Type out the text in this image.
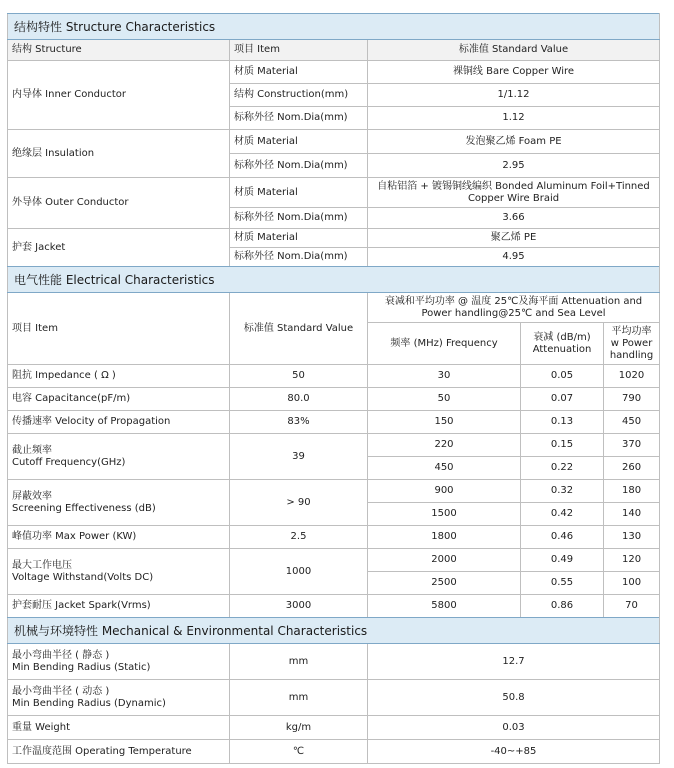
结构特性 Structure Characteristics		
结构 Structure	项目 Item	标准值 Standard Value
内导体 Inner Conductor	材质 Material	裸铜线 Bare Copper Wire
	结构 Construction(mm)	1/1.12
	标称外径 Nom.Dia(mm)	1.12
绝缘层 Insulation	材质 Material	发泡聚乙烯 Foam PE
	标称外径 Nom.Dia(mm)	2.95
外导体 Outer Conductor	材质 Material	自粘铝箔 + 镀锡铜线编织 Bonded Aluminum Foil+Tinned Copper Wire Braid
	标称外径 Nom.Dia(mm)	3.66
护套 Jacket	材质 Material	聚乙烯 PE
	标称外径 Nom.Dia(mm)	4.95
电气性能 Electrical Characteristics				
项目 Item	标准值 Standard Value	衰减和平均功率 @ 温度 25℃及海平面 Attenuation and Power handling@25℃ and Sea Level		
		频率 (MHz) Frequency	衰减 (dB/m) Attenuation	平均功率 w Power handling
阻抗 Impedance ( Ω )	50	30	0.05	1020
电容 Capacitance(pF/m)	80.0	50	0.07	790
传播速率 Velocity of Propagation	83%	150	0.13	450

截止频率
Cutoff Frequency(GHz)	39	220	0.15	370
		450	0.22	260

屏蔽效率
Screening Effectiveness (dB)	> 90	900	0.32	180
		1500	0.42	140
峰值功率 Max Power (KW)	2.5	1800	0.46	130

最大工作电压
Voltage Withstand(Volts DC)	1000	2000	0.49	120
		2500	0.55	100
护套耐压 Jacket Spark(Vrms)	3000	5800	0.86	70
机械与环境特性 Mechanical & Environmental Characteristics		

最小弯曲半径 ( 静态 )
Min Bending Radius (Static)	mm	12.7

最小弯曲半径 ( 动态 )
Min Bending Radius (Dynamic)	mm	50.8
重量 Weight	kg/m	0.03
工作温度范围 Operating Temperature	℃	-40~+85
